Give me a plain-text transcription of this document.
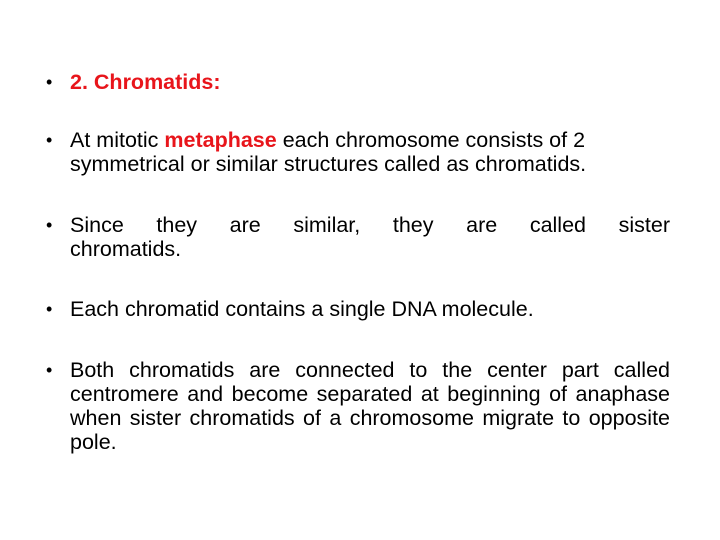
• 2. Chromatids:
• At mitotic metaphase each chromosome consists of 2 symmetrical or similar structures called as chromatids.
• Since they are similar, they are called sister
chromatids.
• Each chromatid contains a single DNA molecule.
• Both chromatids are connected to the center part called centromere and become separated at beginning of anaphase when sister chromatids of a chromosome migrate to opposite pole.
